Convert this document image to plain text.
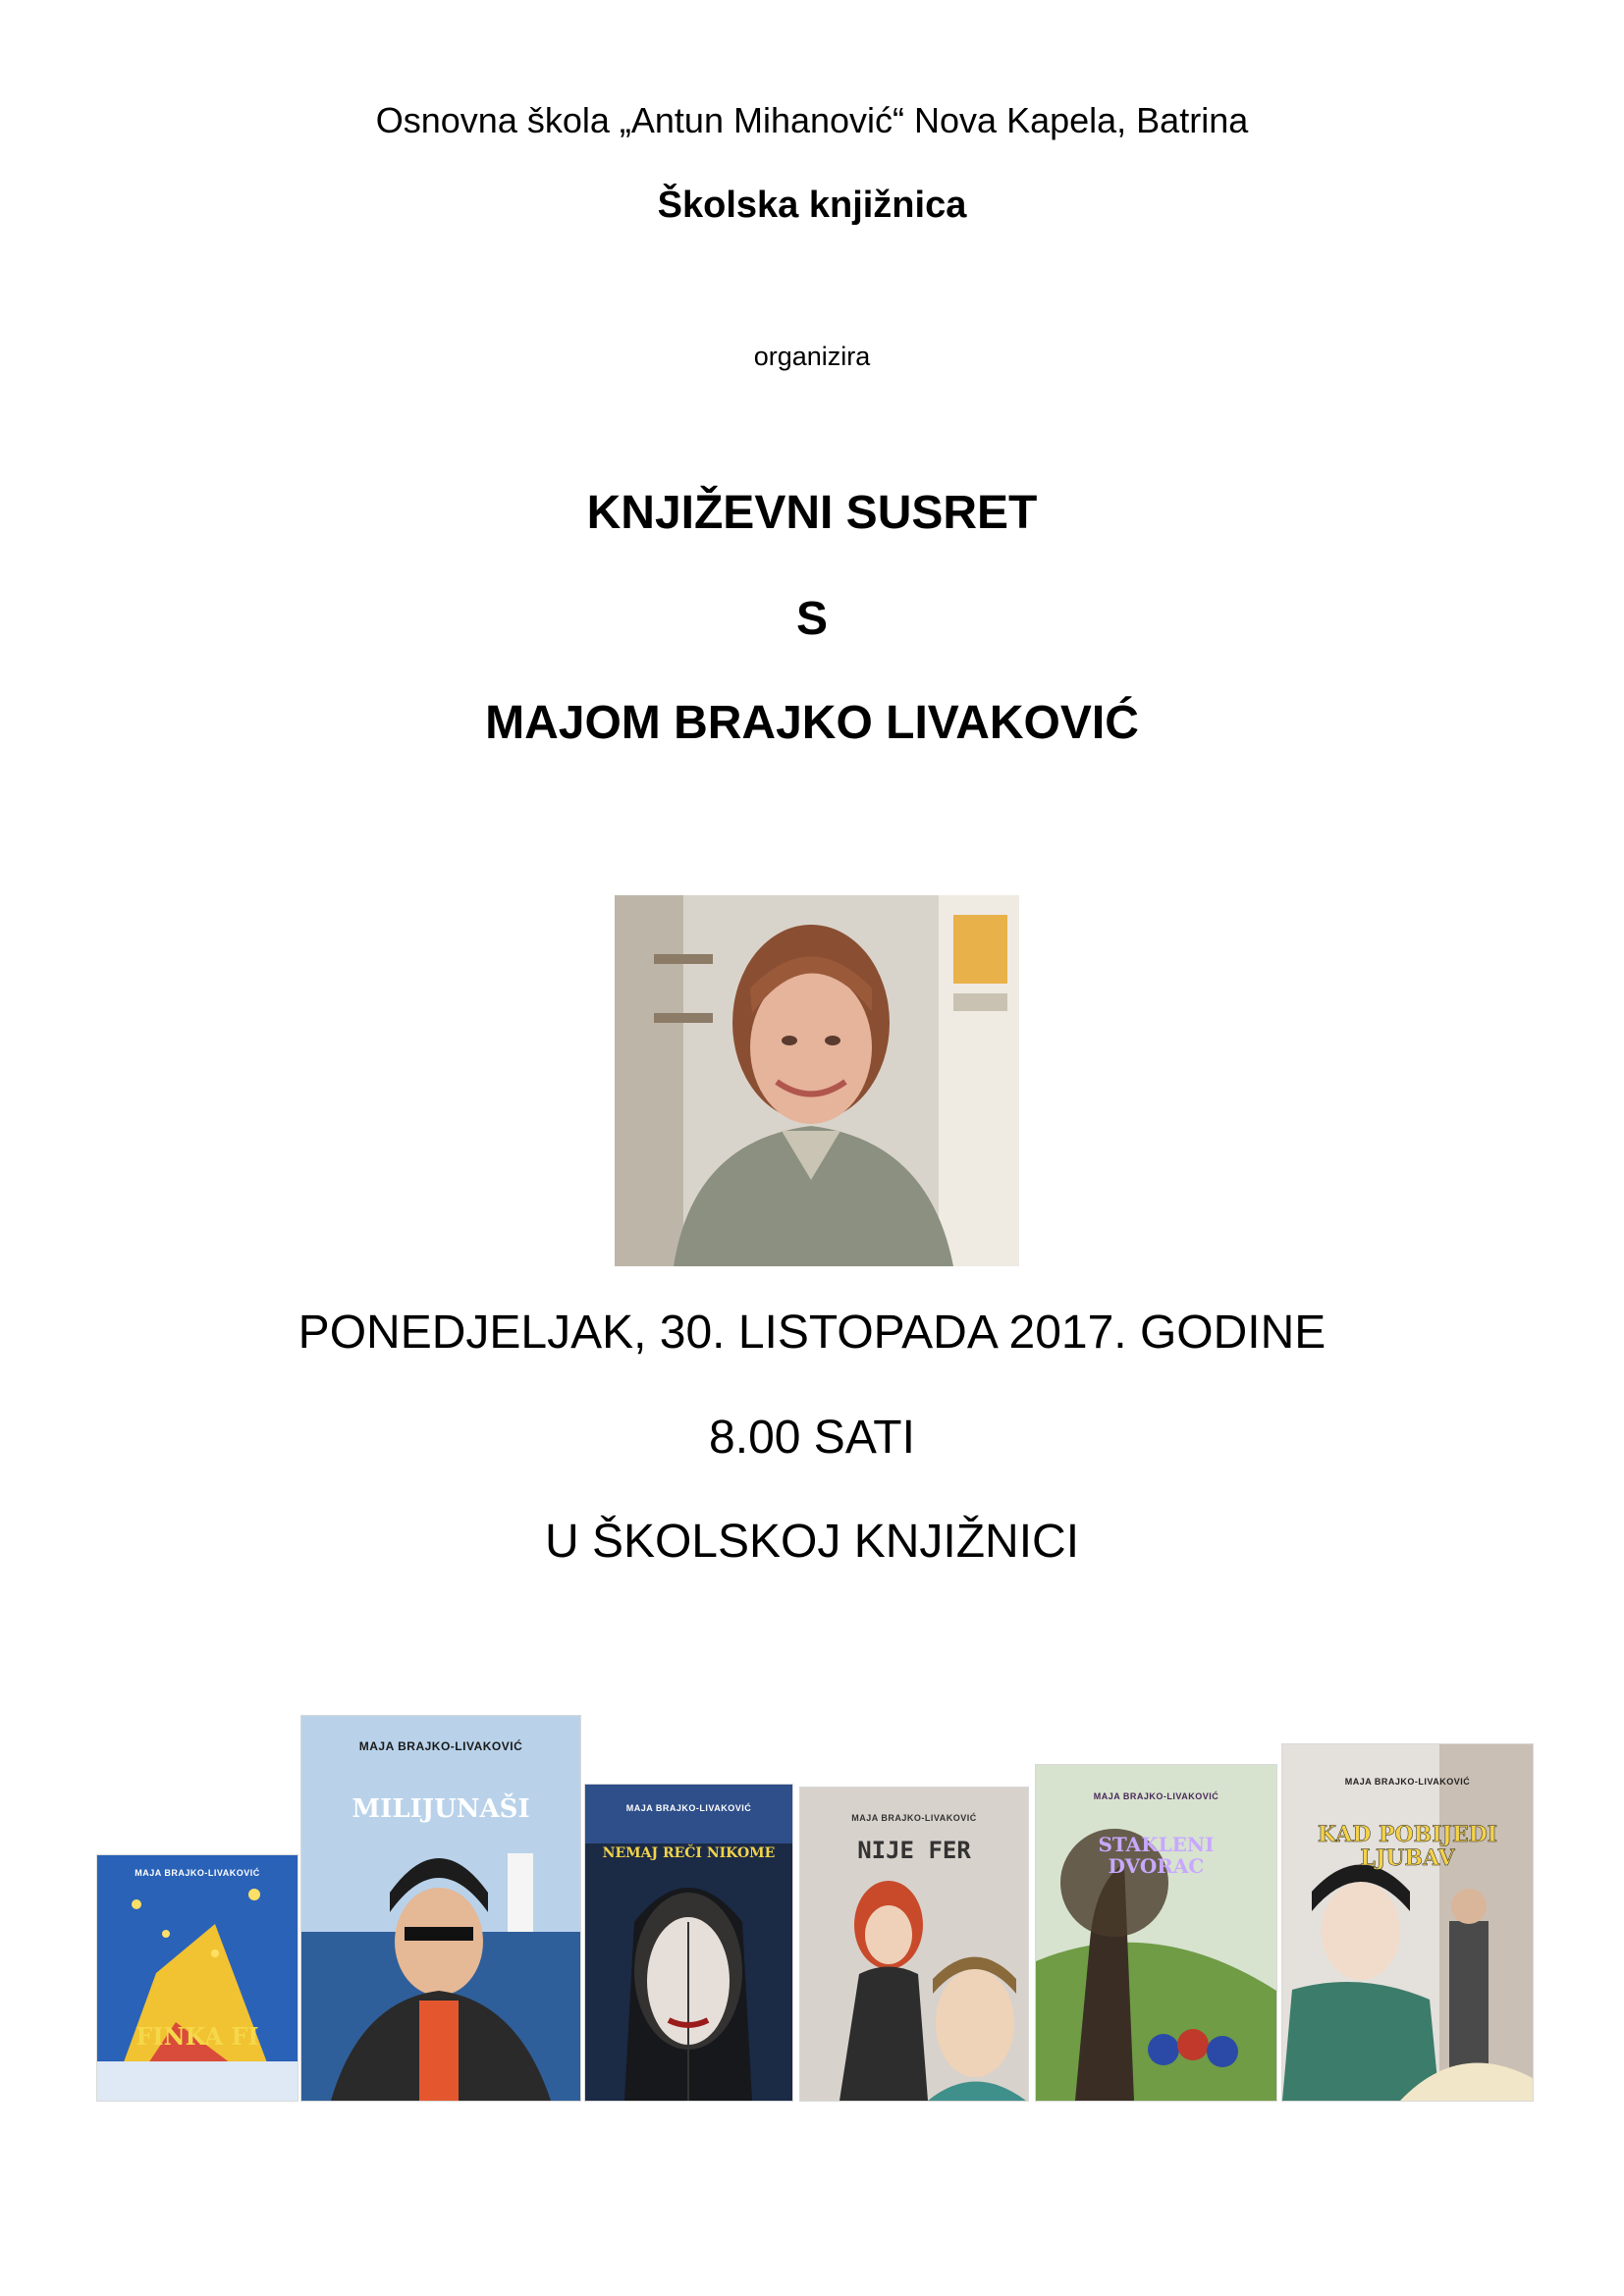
Osnovna škola „Antun Mihanović“ Nova Kapela, Batrina
Školska knjižnica
organizira
KNJIŽEVNI SUSRET
S
MAJOM BRAJKO LIVAKOVIĆ
PONEDJELJAK, 30. LISTOPADA 2017. GODINE
8.00 SATI
U ŠKOLSKOJ KNJIŽNICI
MAJA BRAJKO-LIVAKOVIĆ
FINKA FI
MAJA BRAJKO-LIVAKOVIĆ
MILIJUNAŠI	MAJA BRAJKO-LIVAKOVIĆ
NEMAJ REČI NIKOME
MAJA BRAJKO-LIVAKOVIĆ
NIJE FER
MAJA BRAJKO-LIVAKOVIĆ
STAKLENI DVORAC
MAJA BRAJKO-LIVAKOVIĆ
KAD POBIJEDI LJUBAV
